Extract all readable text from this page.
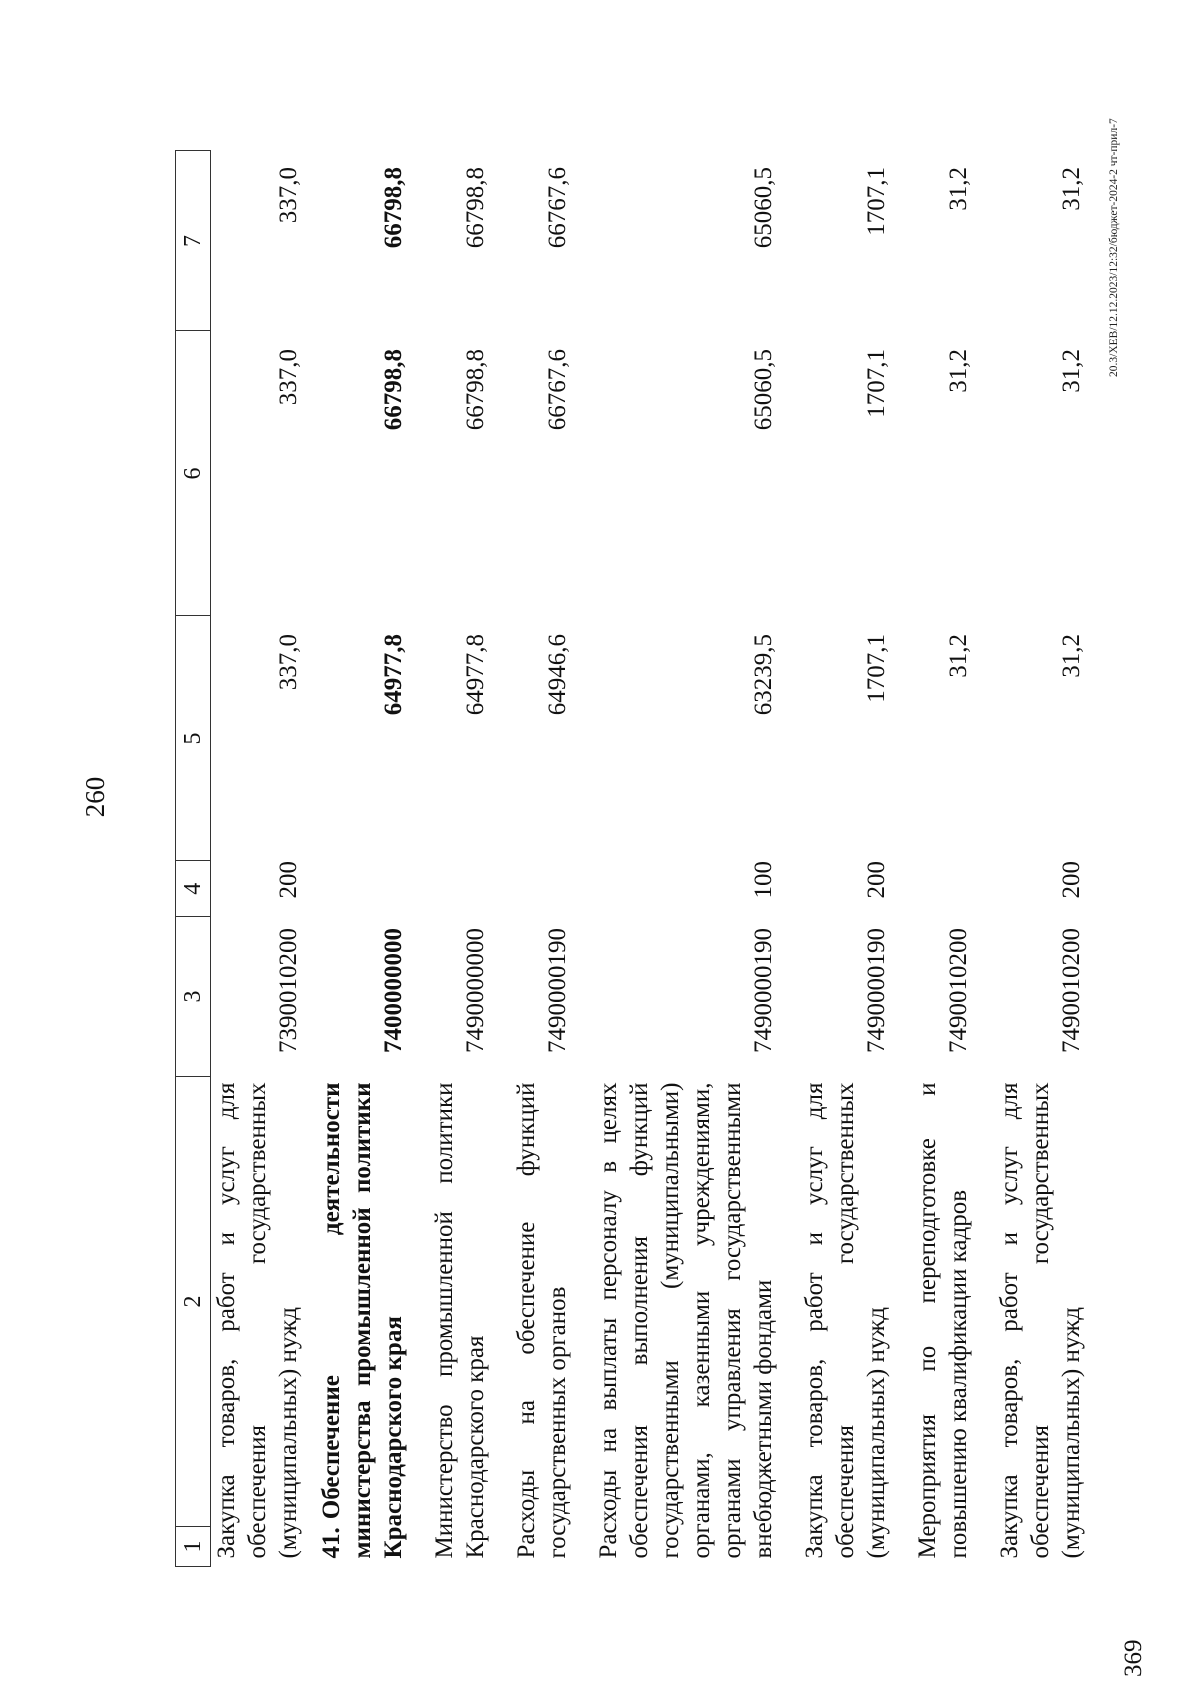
260
1	2	3	4	5	6	7
Закупка товаров, работ и услуг для обеспечения государственных (муниципальных) нужд		7390010200	200	337,0	337,0	337,0
41.Обеспечение деятельности министерства промышленной политики Краснодарского края		7400000000		64977,8	66798,8	66798,8
Министерство промышленной политики Краснодарского края		7490000000		64977,8	66798,8	66798,8
Расходы на обеспечение функций государственных органов		7490000190		64946,6	66767,6	66767,6
Расходы на выплаты персоналу в целях обеспечения выполнения функций государственными (муниципальными) органами, казенными учреждениями, органами управления государственными внебюджетными фондами		7490000190	100	63239,5	65060,5	65060,5
Закупка товаров, работ и услуг для обеспечения государственных (муниципальных) нужд		7490000190	200	1707,1	1707,1	1707,1
Мероприятия по переподготовке и повышению квалификации кадров		7490010200		31,2	31,2	31,2
Закупка товаров, работ и услуг для обеспечения государственных (муниципальных) нужд		7490010200	200	31,2	31,2	31,2 20.3/ХЕВ/12.12.2023/12:32/бюджет-2024-2 чт-прил-7
369
